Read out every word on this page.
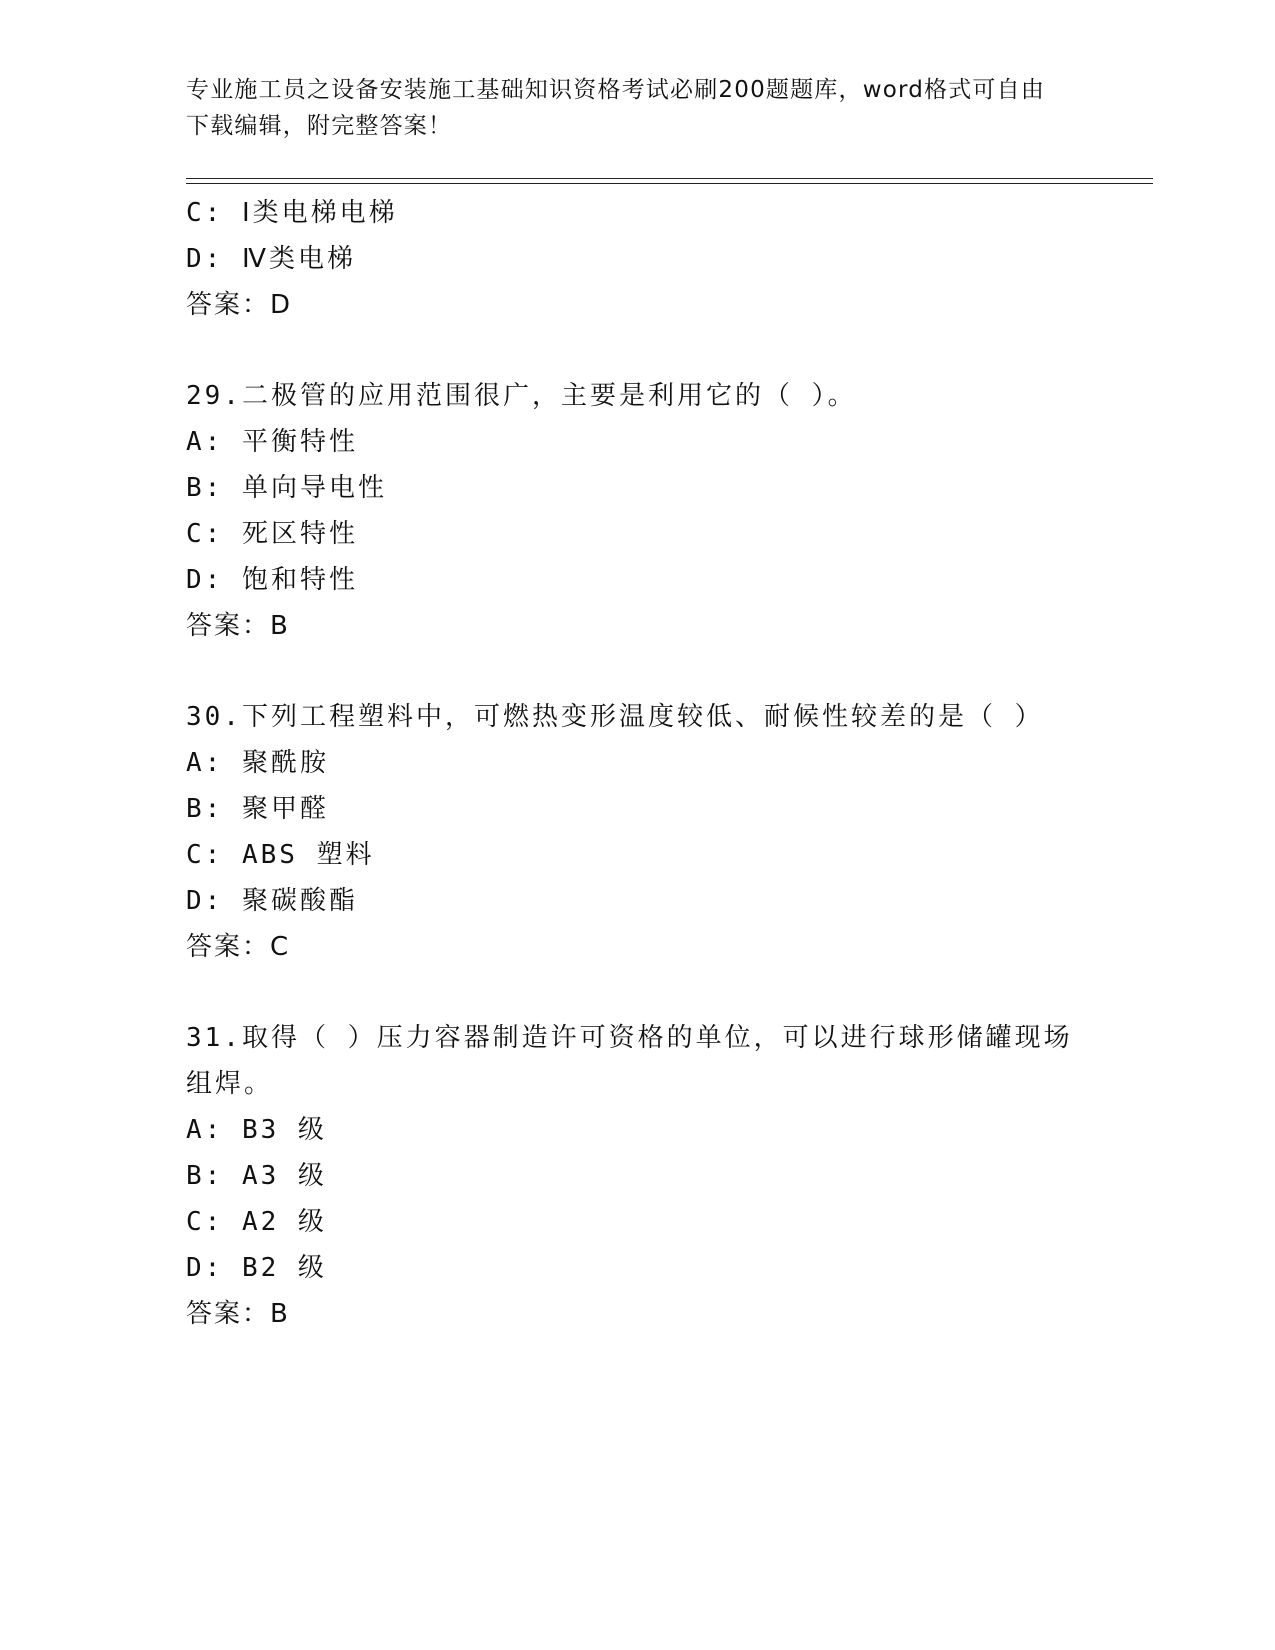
专业施工员之设备安装施工基础知识资格考试必刷200题题库，word格式可自由
下载编辑，附完整答案！
C: Ⅰ类电梯电梯
D: Ⅳ类电梯
答案：D
29.二极管的应用范围很广，主要是利用它的（ ）。
A: 平衡特性
B: 单向导电性
C: 死区特性
D: 饱和特性
答案：B
30.下列工程塑料中，可燃热变形温度较低、耐候性较差的是（ ）
A: 聚酰胺
B: 聚甲醛
C: ABS 塑料
D: 聚碳酸酯
答案：C
31.取得（ ）压力容器制造许可资格的单位，可以进行球形储罐现场
组焊。
A: B3 级
B: A3 级
C: A2 级
D: B2 级
答案：B
